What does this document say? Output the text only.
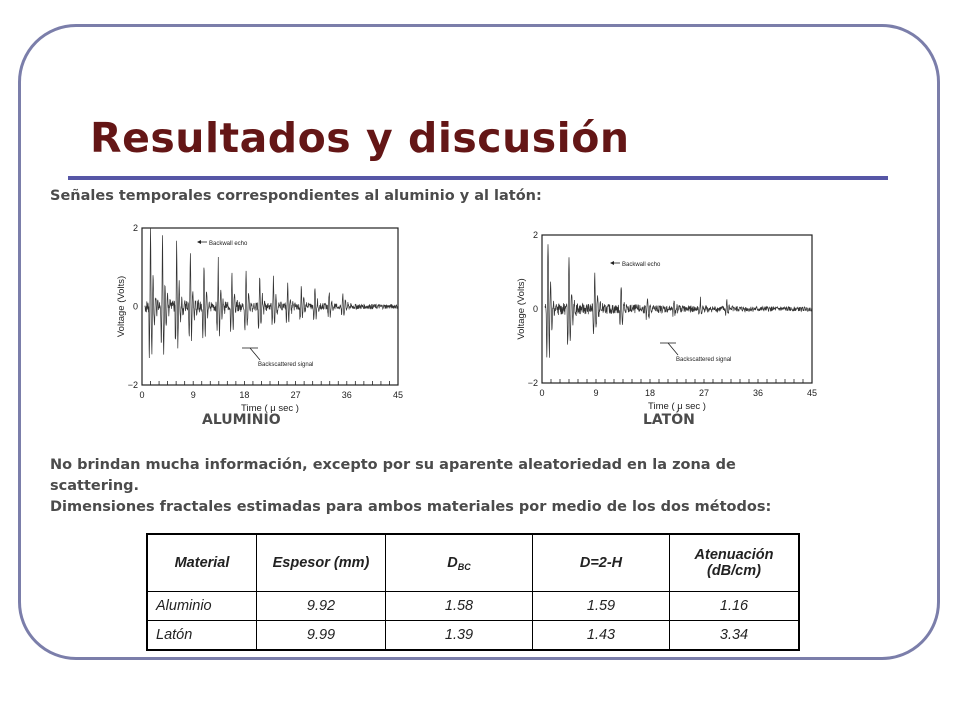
Resultados y discusión
Señales temporales correspondientes al aluminio y al latón:
0	9	18	27	36	45
2
0
−2
Time ( μ sec )
Voltage (Volts)
Backwall echo
Backscattered signal
ALUMINIO
0	9	18	27	36	45
2
0
−2
Time ( μ sec )
Voltage (Volts)
Backwall echo
Backscattered signal
LATÓN
No brindan mucha información, excepto por su aparente aleatoriedad en la zona de
scattering.
Dimensiones fractales estimadas para ambos materiales por medio de los dos métodos:
Material	Espesor (mm)	$D_{BC}$	D=2-H	Atenuación (dB/cm)
Aluminio	9.92	1.58	1.59	1.16
Latón	9.99	1.39	1.43	3.34
